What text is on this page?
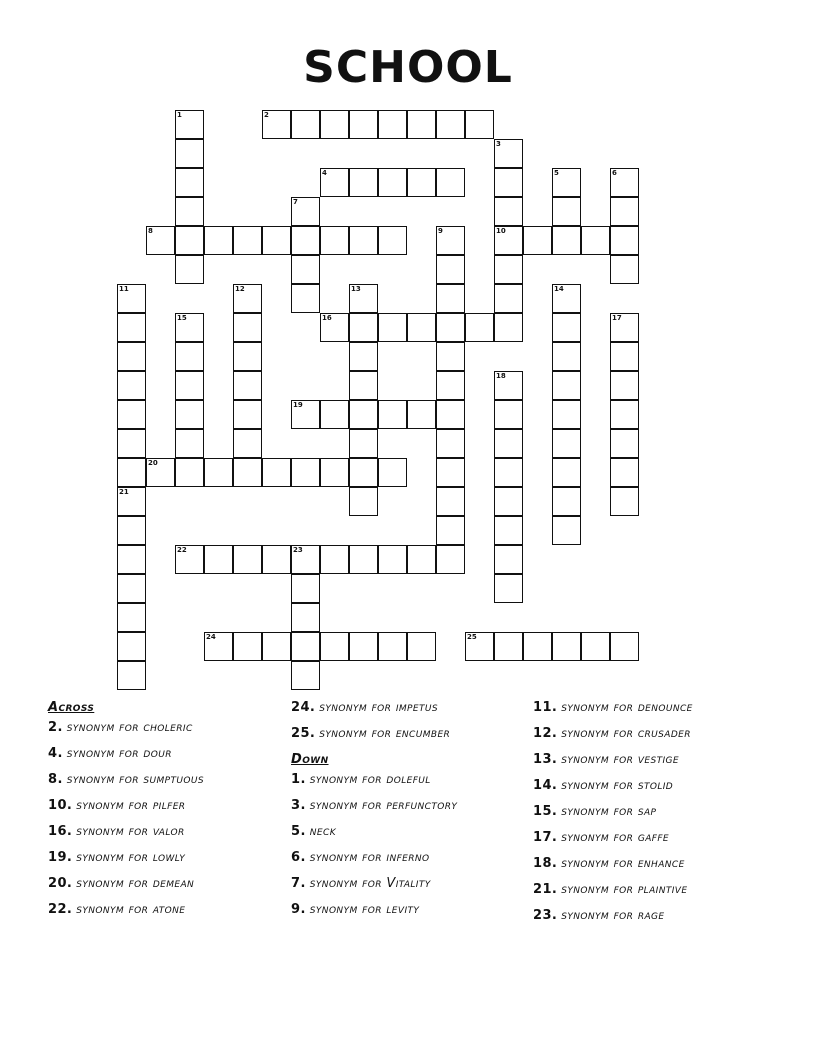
SCHOOL
1	2
3
10
4	5	6
7
8	9
11	12	13	14
15	16	17
18
19
20
21
22	23
24	25
Across
2. synonym for choleric
4. synonym for dour
8. synonym for sumptuous
10. synonym for pilfer
16. synonym for valor
19. synonym for lowly
20. synonym for demean
22. synonym for atone
24. synonym for impetus
25. synonym for encumber
Down
1. synonym for doleful
3. synonym for perfunctory
5. neck
6. synonym for inferno
7. synonym for Vitality
9. synonym for levity
11. synonym for denounce
12. synonym for crusader
13. synonym for vestige
14. synonym for stolid
15. synonym for sap
17. synonym for gaffe
18. synonym for enhance
21. synonym for plaintive
23. synonym for rage
